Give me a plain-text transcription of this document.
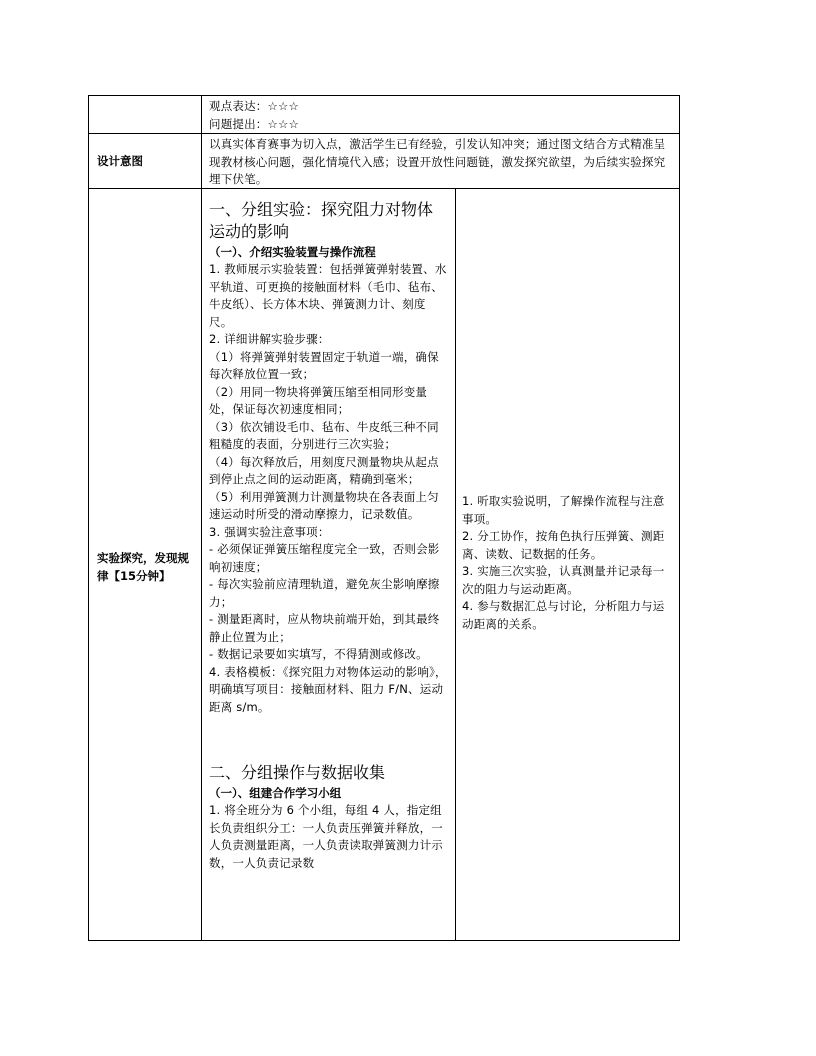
观点表达：☆☆☆

问题提出：☆☆☆

设计意图

以真实体育赛事为切入点，激活学生已有经验，引发认知冲突；通过图文结合方式精准呈现教材核心问题，强化情境代入感；设置开放性问题链，激发探究欲望，为后续实验探究埋下伏笔。

实验探究，发现规律【15分钟】

一、分组实验：探究阻力对物体运动的影响

（一）、介绍实验装置与操作流程

1. 教师展示实验装置：包括弹簧弹射装置、水平轨道、可更换的接触面材料（毛巾、毡布、牛皮纸）、长方体木块、弹簧测力计、刻度尺。

2. 详细讲解实验步骤：

（1）将弹簧弹射装置固定于轨道一端，确保每次释放位置一致；

（2）用同一物块将弹簧压缩至相同形变量处，保证每次初速度相同；

（3）依次铺设毛巾、毡布、牛皮纸三种不同粗糙度的表面，分别进行三次实验；

（4）每次释放后，用刻度尺测量物块从起点到停止点之间的运动距离，精确到毫米；

（5）利用弹簧测力计测量物块在各表面上匀速运动时所受的滑动摩擦力，记录数值。

3. 强调实验注意事项：

- 必须保证弹簧压缩程度完全一致，否则会影响初速度；

- 每次实验前应清理轨道，避免灰尘影响摩擦力；

- 测量距离时，应从物块前端开始，到其最终静止位置为止；

- 数据记录要如实填写，不得猜测或修改。

4. 表格模板：《探究阻力对物体运动的影响》，明确填写项目：接触面材料、阻力 F/N、运动距离 s/m。

二、分组操作与数据收集

（一）、组建合作学习小组

1. 将全班分为 6 个小组，每组 4 人，指定组长负责组织分工：一人负责压弹簧并释放，一人负责测量距离，一人负责读取弹簧测力计示数，一人负责记录数

1. 听取实验说明，了解操作流程与注意事项。

2. 分工协作，按角色执行压弹簧、测距离、读数、记数据的任务。

3. 实施三次实验，认真测量并记录每一次的阻力与运动距离。

4. 参与数据汇总与讨论，分析阻力与运动距离的关系。
